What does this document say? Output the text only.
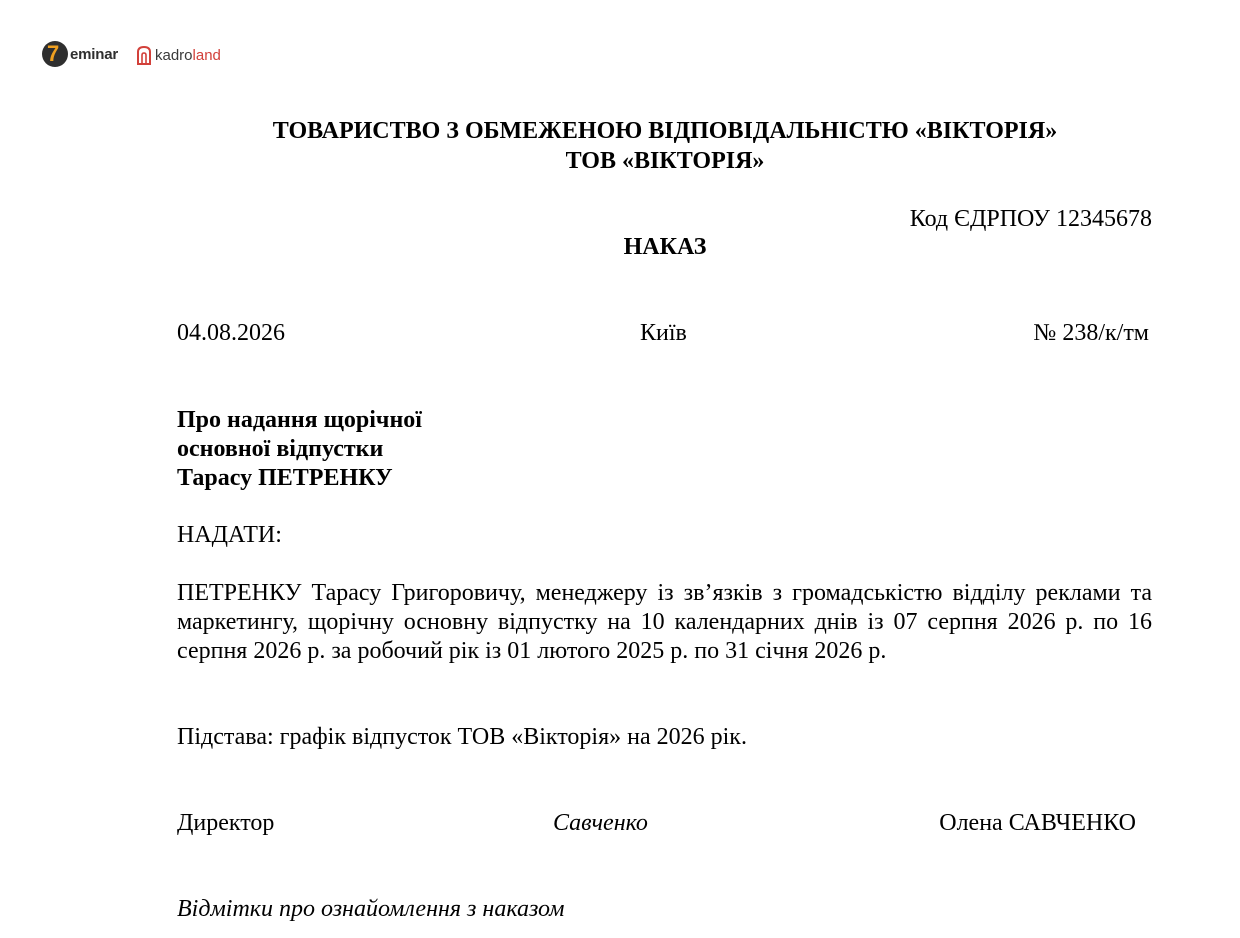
7 eminar kadroland
ТОВАРИСТВО З ОБМЕЖЕНОЮ ВІДПОВІДАЛЬНІСТЮ «ВІКТОРІЯ»
ТОВ «ВІКТОРІЯ»
Код ЄДРПОУ 12345678
НАКАЗ
04.08.2026	Київ	№ 238/к/тм
Про надання щорічної
основної відпустки
Тарасу ПЕТРЕНКУ
НАДАТИ:
ПЕТРЕНКУ Тарасу Григоровичу, менеджеру із зв’язків з громадськістю відділу реклами та маркетингу, щорічну основну відпустку на 10 календарних днів із 07 серпня 2026 р. по 16 серпня 2026 р. за робочий рік із 01 лютого 2025 р. по 31 січня 2026 р.
Підстава: графік відпусток ТОВ «Вікторія» на 2026 рік.
Директор	Савченко	Олена САВЧЕНКО
Відмітки про ознайомлення з наказом
